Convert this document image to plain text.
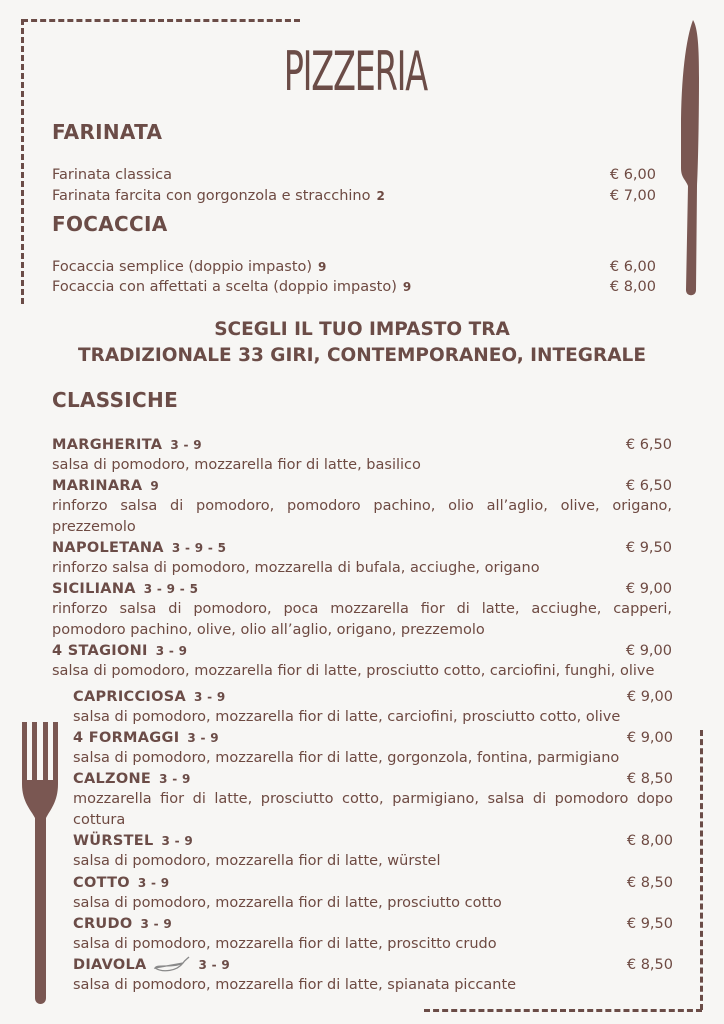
PIZZERIA
FARINATA
Farinata classica	€ 6,00
Farinata farcita con gorgonzola e stracchino 2	€ 7,00
FOCACCIA
Focaccia semplice (doppio impasto) 9	€ 6,00
Focaccia con affettati a scelta (doppio impasto) 9	€ 8,00
SCEGLI IL TUO IMPASTO TRA
TRADIZIONALE 33 GIRI, CONTEMPORANEO, INTEGRALE
CLASSICHE
MARGHERITA 3 - 9	€ 6,50
salsa di pomodoro, mozzarella fior di latte, basilico
MARINARA 9	€ 6,50
rinforzo salsa di pomodoro, pomodoro pachino, olio all’aglio, olive, origano, prezzemolo
NAPOLETANA 3 - 9 - 5	€ 9,50
rinforzo salsa di pomodoro, mozzarella di bufala, acciughe, origano
SICILIANA 3 - 9 - 5	€ 9,00
rinforzo salsa di pomodoro, poca mozzarella fior di latte, acciughe, capperi, pomodoro pachino, olive, olio all’aglio, origano, prezzemolo
4 STAGIONI 3 - 9	€ 9,00
salsa di pomodoro, mozzarella fior di latte, prosciutto cotto, carciofini, funghi, olive
CAPRICCIOSA 3 - 9	€ 9,00
salsa di pomodoro, mozzarella fior di latte, carciofini, prosciutto cotto, olive
4 FORMAGGI 3 - 9	€ 9,00
salsa di pomodoro, mozzarella fior di latte, gorgonzola, fontina, parmigiano
CALZONE 3 - 9	€ 8,50
mozzarella fior di latte, prosciutto cotto, parmigiano, salsa di pomodoro dopo cottura
WÜRSTEL 3 - 9	€ 8,00
salsa di pomodoro, mozzarella fior di latte, würstel
COTTO 3 - 9	€ 8,50
salsa di pomodoro, mozzarella fior di latte, prosciutto cotto
CRUDO 3 - 9	€ 9,50
salsa di pomodoro, mozzarella fior di latte, proscitto crudo
DIAVOLA	3 - 9	€ 8,50
salsa di pomodoro, mozzarella fior di latte, spianata piccante
